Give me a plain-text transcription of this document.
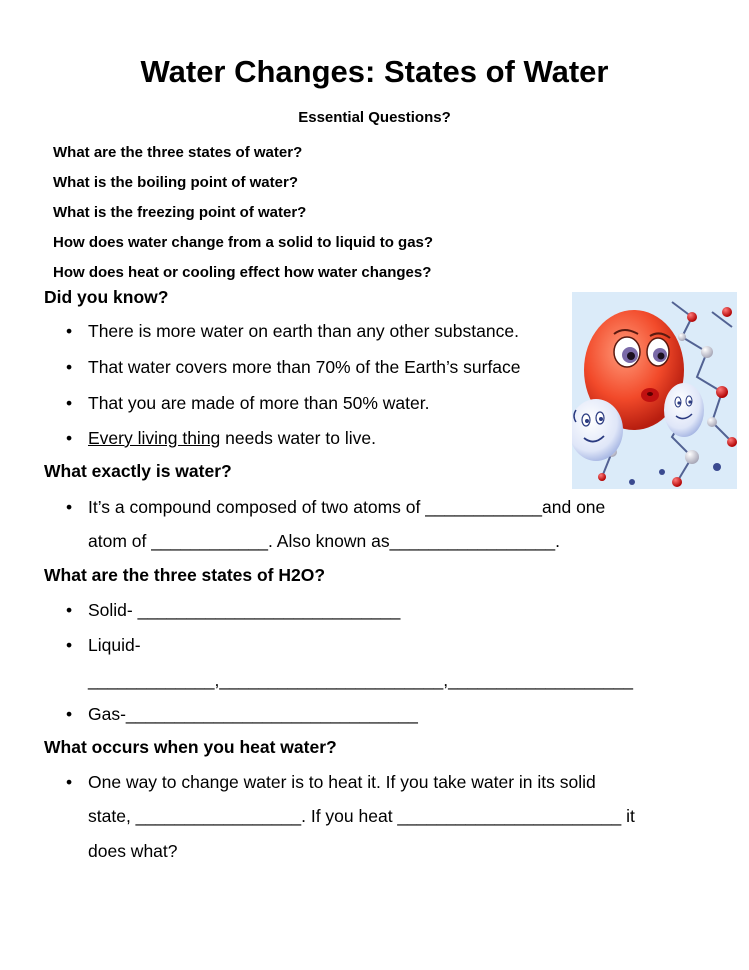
Water Changes: States of Water
Essential Questions?
What are the three states of water?
What is the boiling point of water?
What is the freezing point of water?
How does water change from a solid to liquid to gas?
How does heat or cooling effect how water changes?
Did you know?
• There is more water on earth than any other substance.
• That water covers more than 70% of the Earth’s surface
• That you are made of more than 50% water.
• Every living thing needs water to live.
What exactly is water?
• It’s a compound composed of two atoms of ____________and one
atom of ____________. Also known as_________________.
What are the three states of H2O?
• Solid- ___________________________
• Liquid-
_____________,_______________________,___________________
• Gas-______________________________
What occurs when you heat water?
• One way to change water is to heat it. If you take water in its solid
state, _________________. If you heat _______________________ it
does what?
